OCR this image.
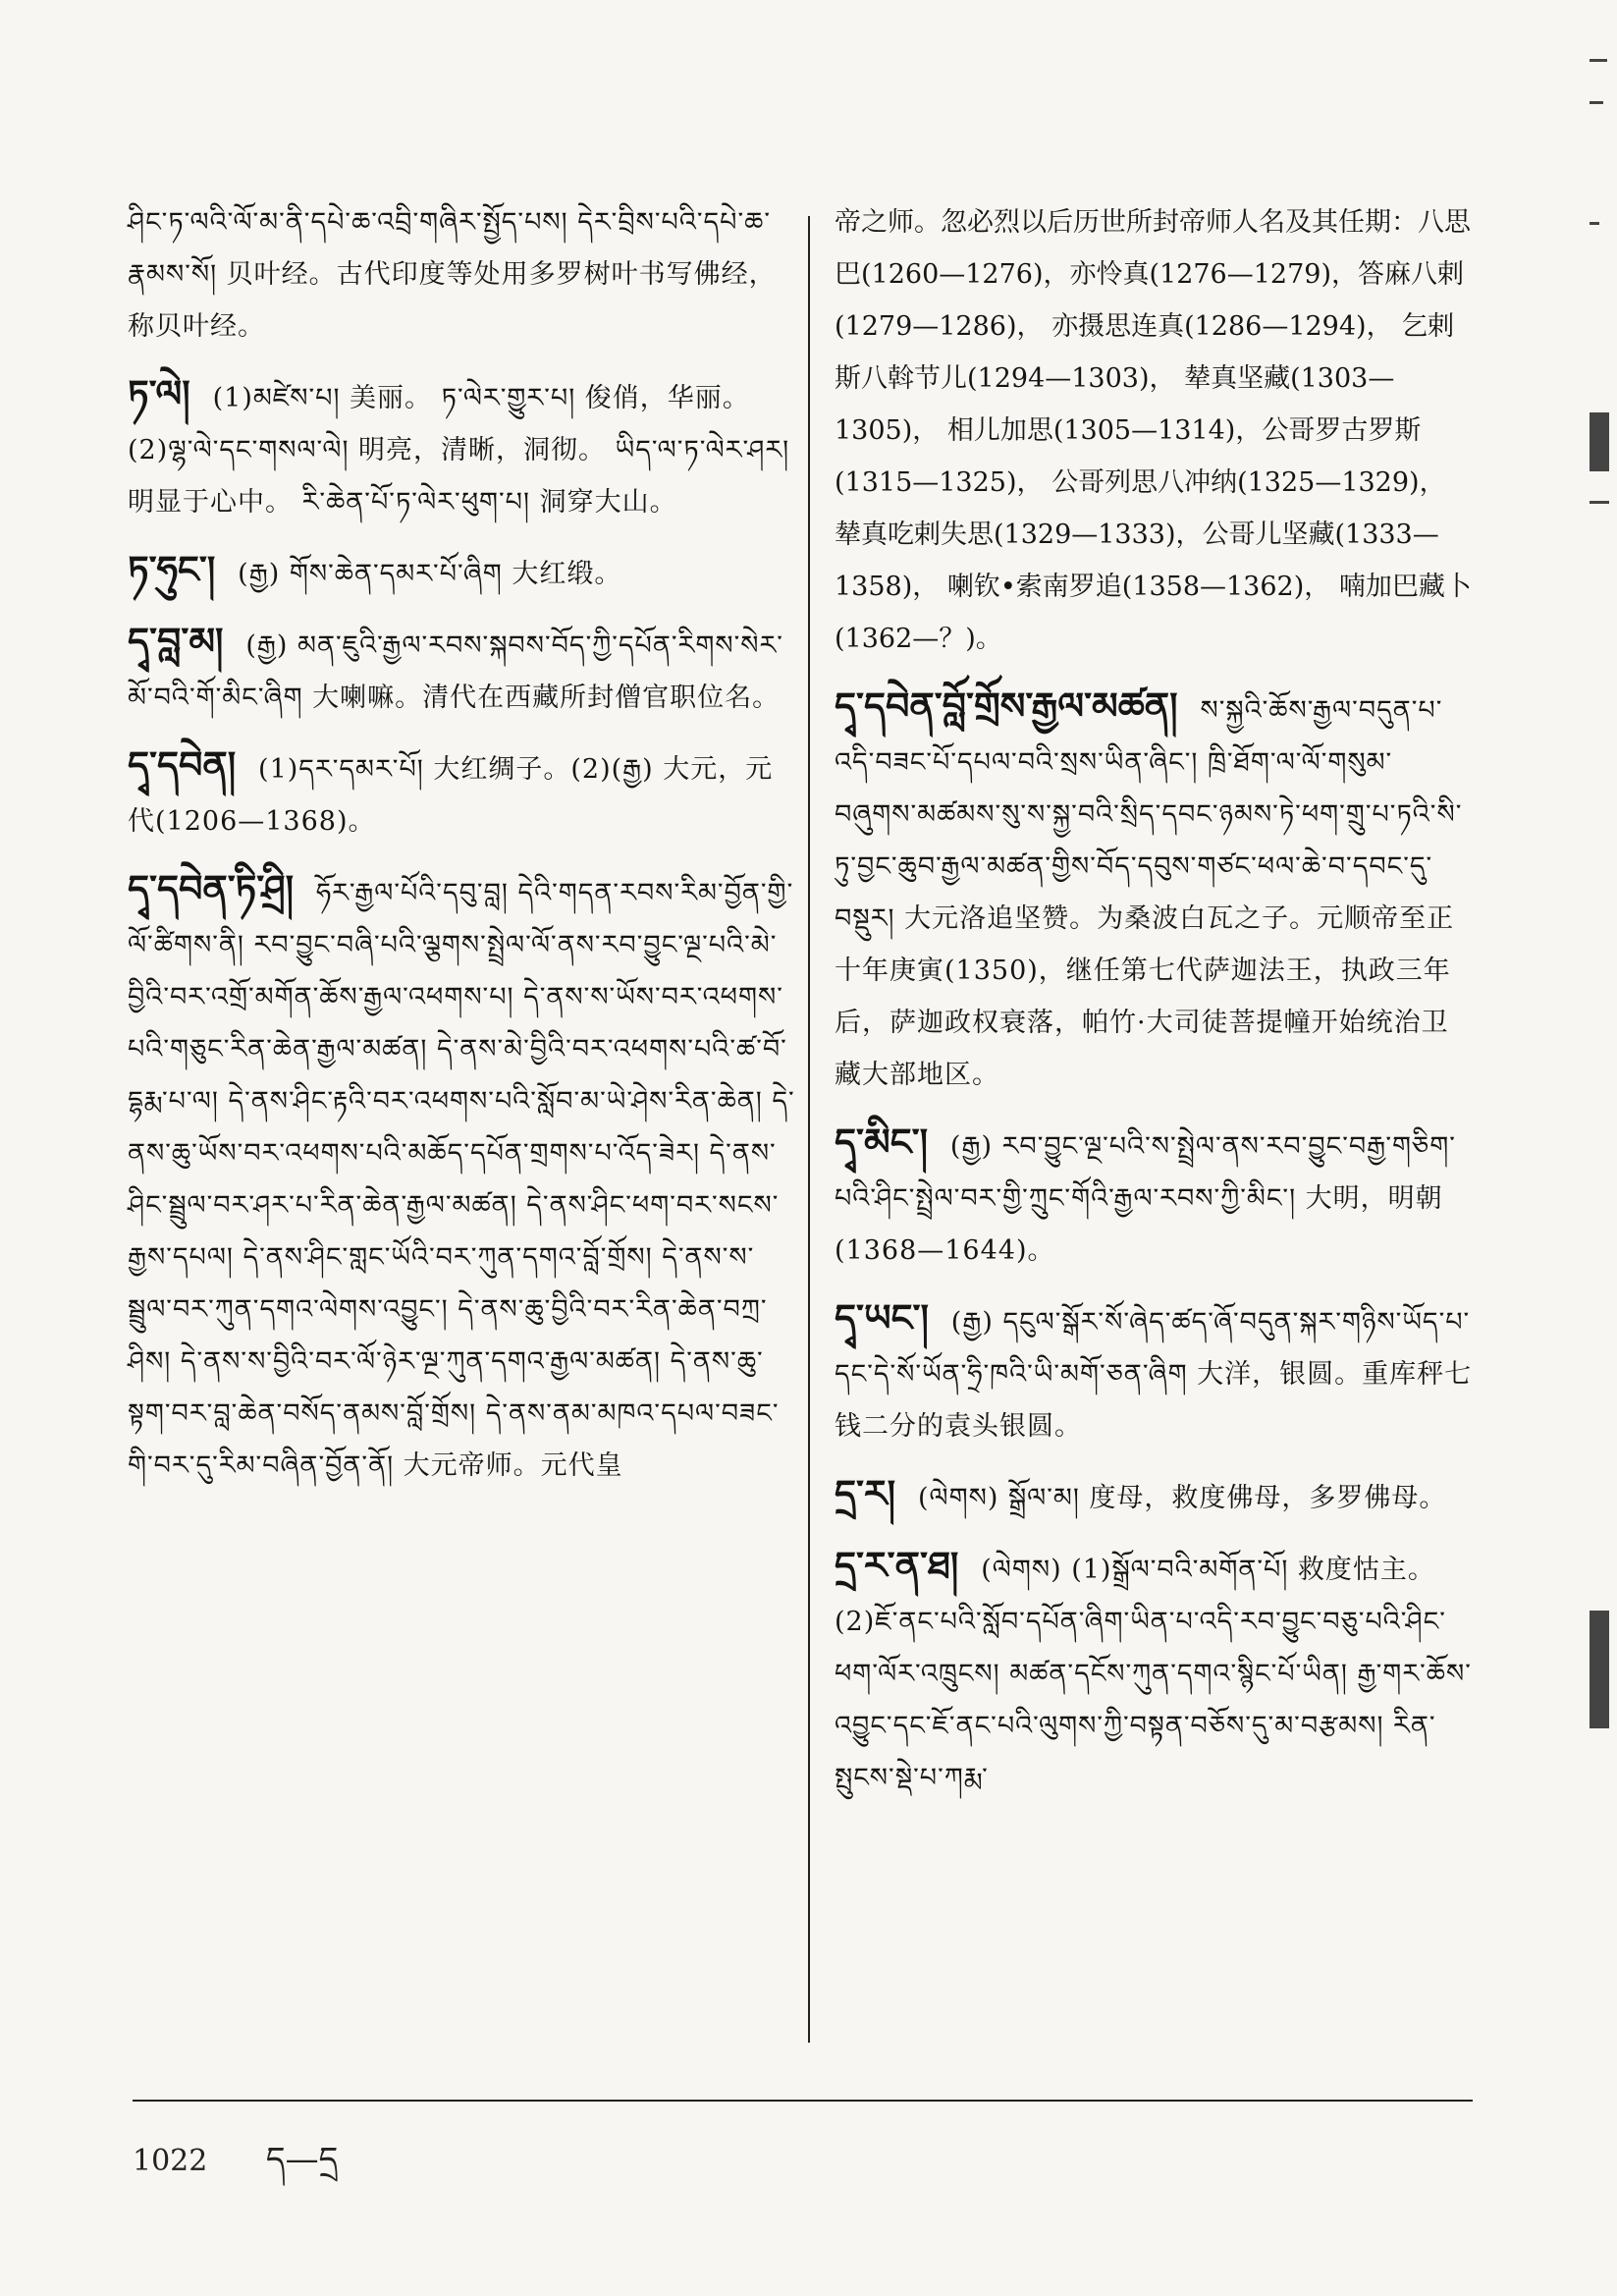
ཤིང་ཏ་ལའི་ལོ་མ་ནི་དཔེ་ཆ་འབྲི་གཞིར་སྤྱོད་པས། དེར་བྲིས་པའི་དཔེ་ཆ་རྣམས་སོ། 贝叶经。古代印度等处用多罗树叶书写佛经，称贝叶经。
ཏ་ལེ། (1)མཛེས་པ། 美丽。 ཏ་ལེར་གྱུར་པ། 俊俏，华丽。(2)ལྷ་ལེ་དང་གསལ་ལེ། 明亮，清晰，洞彻。 ཡིད་ལ་ཏ་ལེར་ཤར། 明显于心中。 རི་ཆེན་པོ་ཏ་ལེར་ཕུག་པ། 洞穿大山。
ཏ་ཧུང་། (རྒྱ) གོས་ཆེན་དམར་པོ་ཞིག 大红缎。
དྭ་བླ་མ། (རྒྱ) མན་ཇུའི་རྒྱལ་རབས་སྐབས་བོད་ཀྱི་དཔོན་རིགས་སེར་མོ་བའི་གོ་མིང་ཞིག 大喇嘛。清代在西藏所封僧官职位名。
དྭ་དབེན། (1)དར་དམར་པོ། 大红绸子。(2)(རྒྱ) 大元，元代(1206—1368)。
དྭ་དབེན་ཏི་ཤྲི། ཧོར་རྒྱལ་པོའི་དབུ་བླ། དེའི་གདན་རབས་རིམ་བྱོན་གྱི་ལོ་ཚིགས་ནི། རབ་བྱུང་བཞི་པའི་ལྕགས་སྤྲེལ་ལོ་ནས་རབ་བྱུང་ལྔ་པའི་མེ་བྱིའི་བར་འགྲོ་མགོན་ཆོས་རྒྱལ་འཕགས་པ། དེ་ནས་ས་ཡོས་བར་འཕགས་པའི་གཅུང་རིན་ཆེན་རྒྱལ་མཚན། དེ་ནས་མེ་བྱིའི་བར་འཕགས་པའི་ཚ་བོ་དྷརྨ་པ་ལ། དེ་ནས་ཤིང་རྟའི་བར་འཕགས་པའི་སློབ་མ་ཡེ་ཤེས་རིན་ཆེན། དེ་ནས་ཆུ་ཡོས་བར་འཕགས་པའི་མཆོད་དཔོན་གྲགས་པ་འོད་ཟེར། དེ་ནས་ཤིང་སྦྲུལ་བར་ཤར་པ་རིན་ཆེན་རྒྱལ་མཚན། དེ་ནས་ཤིང་ཕག་བར་སངས་རྒྱས་དཔལ། དེ་ནས་ཤིང་གླང་ཡོའི་བར་ཀུན་དགའ་བློ་གྲོས། དེ་ནས་ས་སྦྲུལ་བར་ཀུན་དགའ་ལེགས་འབྱུང་། དེ་ནས་ཆུ་བྱིའི་བར་རིན་ཆེན་བཀྲ་ཤིས། དེ་ནས་ས་བྱིའི་བར་ལོ་ཉེར་ལྔ་ཀུན་དགའ་རྒྱལ་མཚན། དེ་ནས་ཆུ་སྟག་བར་བླ་ཆེན་བསོད་ནམས་བློ་གྲོས། དེ་ནས་ནམ་མཁའ་དཔལ་བཟང་གི་བར་དུ་རིམ་བཞིན་བྱོན་ནོ། 大元帝师。元代皇
帝之师。忽必烈以后历世所封帝师人名及其任期：八思巴(1260—1276)，亦怜真(1276—1279)，答麻八剌(1279—1286)， 亦摄思连真(1286—1294)， 乞剌斯八斡节儿(1294—1303)， 辇真坚藏(1303—1305)， 相儿加思(1305—1314)，公哥罗古罗斯(1315—1325)， 公哥列思八冲纳(1325—1329)， 辇真吃剌失思(1329—1333)，公哥儿坚藏(1333—1358)， 喇钦•索南罗追(1358—1362)， 喃加巴藏卜(1362—？)。
དྭ་དབེན་བློ་གྲོས་རྒྱལ་མཚན། ས་སྐྱའི་ཆོས་རྒྱལ་བདུན་པ་འདི་བཟང་པོ་དཔལ་བའི་སྲས་ཡིན་ཞིང་། ཁྲི་ཐོག་ལ་ལོ་གསུམ་བཞུགས་མཚམས་སུ་ས་སྐྱ་བའི་སྲིད་དབང་ཉམས་ཏེ་ཕག་གྲུ་པ་ཏའི་སི་ཏུ་བྱང་ཆུབ་རྒྱལ་མཚན་གྱིས་བོད་དབུས་གཙང་ཕལ་ཆེ་བ་དབང་དུ་བསྡུར། 大元洛追坚赞。为桑波白瓦之子。元顺帝至正十年庚寅(1350)，继任第七代萨迦法王，执政三年后，萨迦政权衰落，帕竹·大司徒菩提幢开始统治卫藏大部地区。
དྭ་མིང་། (རྒྱ) རབ་བྱུང་ལྔ་པའི་ས་སྤྲེལ་ནས་རབ་བྱུང་བརྒྱ་གཅིག་པའི་ཤིང་སྤྲེལ་བར་གྱི་ཀྲུང་གོའི་རྒྱལ་རབས་ཀྱི་མིང་། 大明，明朝(1368—1644)。
དྭ་ཡང་། (རྒྱ) དངུལ་སྒོར་སོ་ཞེད་ཚད་ཞོ་བདུན་སྐར་གཉིས་ཡོད་པ་དང་དེ་སོ་ཡོན་ཧྲི་ཁའི་ཡི་མགོ་ཅན་ཞིག 大洋，银圆。重库秤七钱二分的袁头银圆。
དྲ་ར། (ལེགས) སྒྲོལ་མ། 度母，救度佛母，多罗佛母。
དྲ་ར་ན་ཐ། (ལེགས) (1)སྒྲོལ་བའི་མགོན་པོ། 救度怙主。(2)ཇོ་ནང་པའི་སློབ་དཔོན་ཞིག་ཡིན་པ་འདི་རབ་བྱུང་བཅུ་པའི་ཤིང་ཕག་ལོར་འཁྲུངས། མཚན་དངོས་ཀུན་དགའ་སྙིང་པོ་ཡིན། རྒྱ་གར་ཆོས་འབྱུང་དང་ཇོ་ནང་པའི་ལུགས་ཀྱི་བསྟན་བཅོས་དུ་མ་བརྩམས། རིན་སྤུངས་སྡེ་པ་ཀརྨ་
1022 ད—དྲ
